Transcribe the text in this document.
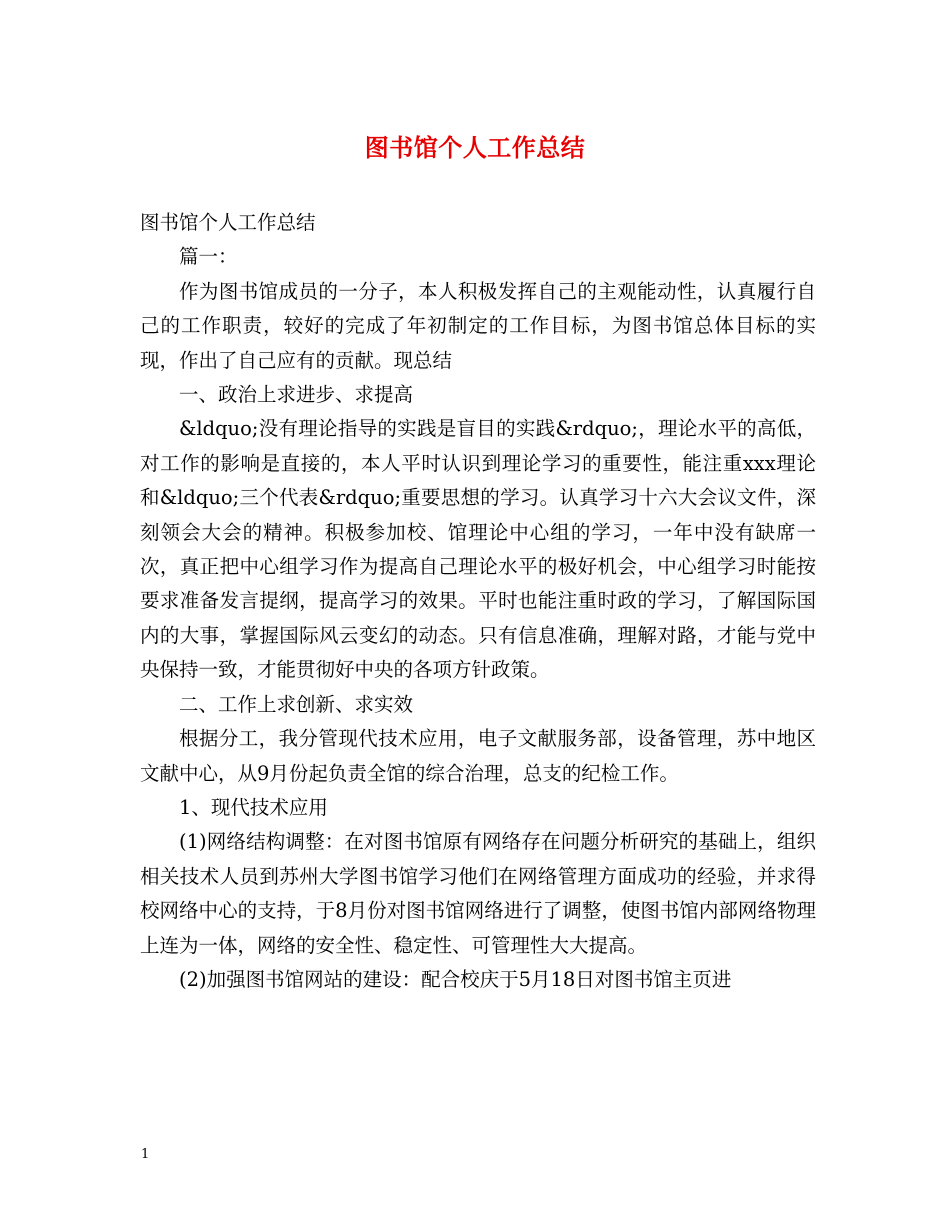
图书馆个人工作总结

图书馆个人工作总结

篇一：

作为图书馆成员的一分子，本人积极发挥自己的主观能动性，认真履行自己的工作职责，较好的完成了年初制定的工作目标，为图书馆总体目标的实现，作出了自己应有的贡献。现总结

一、政治上求进步、求提高

&ldquo;没有理论指导的实践是盲目的实践&rdquo;，理论水平的高低，对工作的影响是直接的，本人平时认识到理论学习的重要性，能注重xxx理论和&ldquo;三个代表&rdquo;重要思想的学习。认真学习十六大会议文件，深刻领会大会的精神。积极参加校、馆理论中心组的学习，一年中没有缺席一次，真正把中心组学习作为提高自己理论水平的极好机会，中心组学习时能按要求准备发言提纲，提高学习的效果。平时也能注重时政的学习，了解国际国内的大事，掌握国际风云变幻的动态。只有信息准确，理解对路，才能与党中央保持一致，才能贯彻好中央的各项方针政策。

二、工作上求创新、求实效

根据分工，我分管现代技术应用，电子文献服务部，设备管理，苏中地区文献中心，从9月份起负责全馆的综合治理，总支的纪检工作。

1、现代技术应用

(1)网络结构调整：在对图书馆原有网络存在问题分析研究的基础上，组织相关技术人员到苏州大学图书馆学习他们在网络管理方面成功的经验，并求得校网络中心的支持，于8月份对图书馆网络进行了调整，使图书馆内部网络物理上连为一体，网络的安全性、稳定性、可管理性大大提高。

(2)加强图书馆网站的建设：配合校庆于5月18日对图书馆主页进

1
